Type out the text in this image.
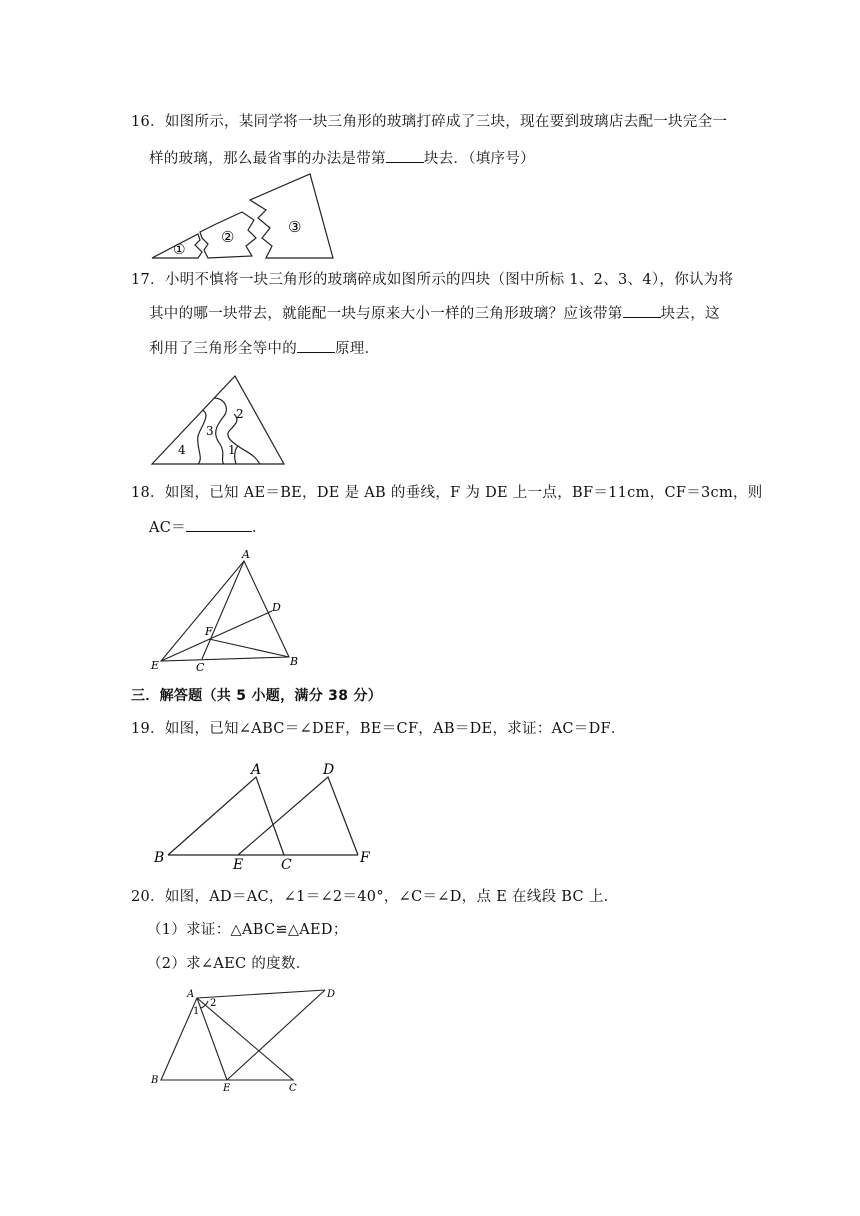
16．如图所示，某同学将一块三角形的玻璃打碎成了三块，现在要到玻璃店去配一块完全一
样的玻璃，那么最省事的办法是带第	块去．（填序号）
①
②
③
17．小明不慎将一块三角形的玻璃碎成如图所示的四块（图中所标 1、2、3、4），你认为将
其中的哪一块带去，就能配一块与原来大小一样的三角形玻璃？应该带第	块去，这
利用了三角形全等中的	原理．
2
3
4	1
18．如图，已知 AE＝BE，DE 是 AB 的垂线，F 为 DE 上一点，BF＝11cm，CF＝3cm，则
AC＝	．
A
D
F
E	C	B
三．解答题（共 5 小题，满分 38 分）
19．如图，已知∠ABC＝∠DEF，BE＝CF，AB＝DE，求证：AC＝DF．
A	D
B	E	C	F
20．如图，AD＝AC，∠1＝∠2＝40°，∠C＝∠D，点 E 在线段 BC 上．
（1）求证：△ABC≌△AED；
（2）求∠AEC 的度数．
A	D
B
E	C
2
1
